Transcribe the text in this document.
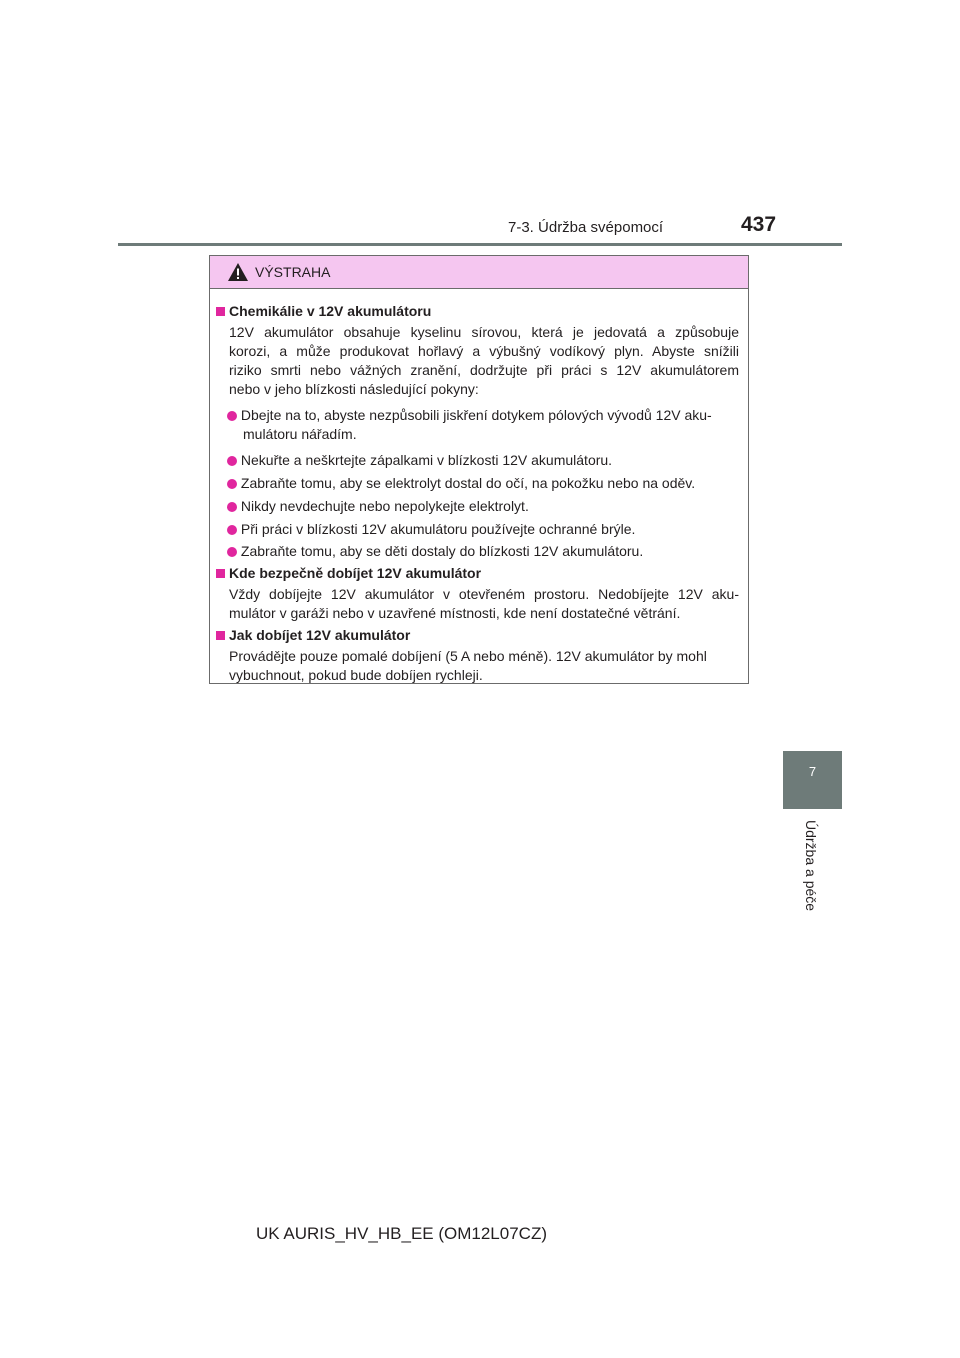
7-3. Údržba svépomocí	437
VÝSTRAHA
Chemikálie v 12V akumulátoru
12V akumulátor obsahuje kyselinu sírovou, která je jedovatá a způsobuje
korozi, a může produkovat hořlavý a výbušný vodíkový plyn. Abyste snížili
riziko smrti nebo vážných zranění, dodržujte při práci s 12V akumulátorem
nebo v jeho blízkosti následující pokyny:
Dbejte na to, abyste nezpůsobili jiskření dotykem pólových vývodů 12V aku-
mulátoru nářadím.
Nekuřte a neškrtejte zápalkami v blízkosti 12V akumulátoru.
Zabraňte tomu, aby se elektrolyt dostal do očí, na pokožku nebo na oděv.
Nikdy nevdechujte nebo nepolykejte elektrolyt.
Při práci v blízkosti 12V akumulátoru používejte ochranné brýle.
Zabraňte tomu, aby se děti dostaly do blízkosti 12V akumulátoru.
Kde bezpečně dobíjet 12V akumulátor
Vždy dobíjejte 12V akumulátor v otevřeném prostoru. Nedobíjejte 12V aku-
mulátor v garáži nebo v uzavřené místnosti, kde není dostatečné větrání.
Jak dobíjet 12V akumulátor
Provádějte pouze pomalé dobíjení (5 A nebo méně). 12V akumulátor by mohl
vybuchnout, pokud bude dobíjen rychleji.
7
Údržba a péče
UK AURIS_HV_HB_EE (OM12L07CZ)
